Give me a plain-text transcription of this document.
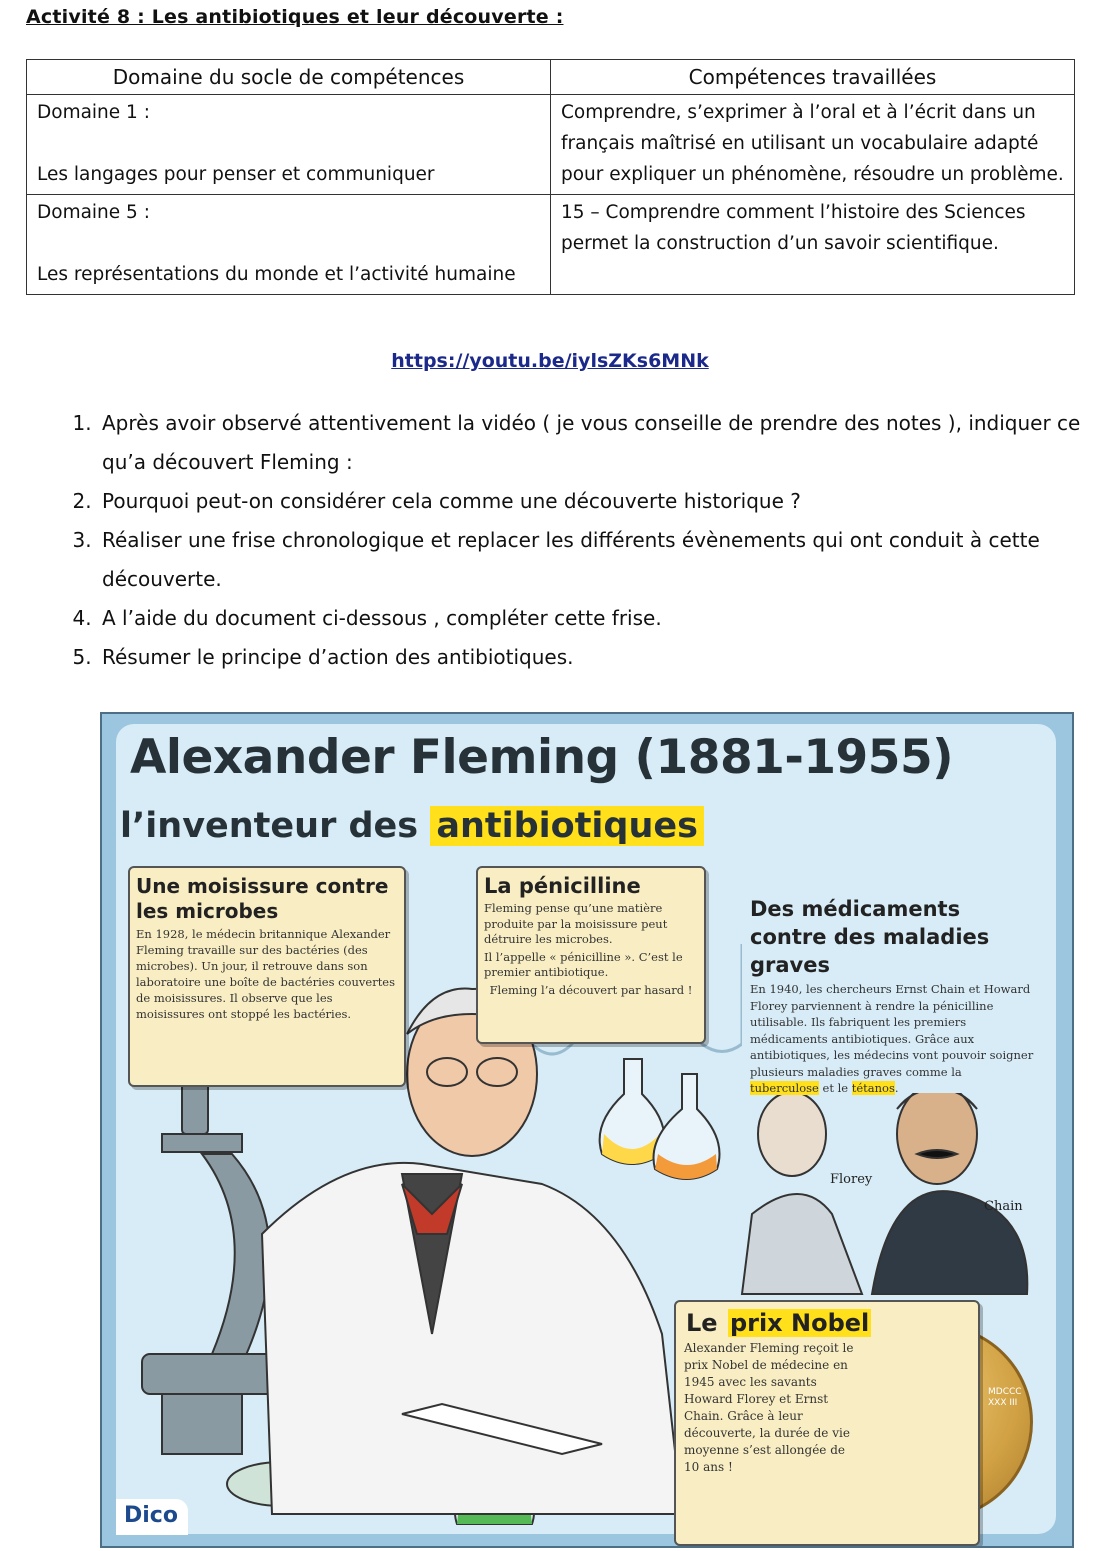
Activité 8 : Les antibiotiques et leur découverte :
Domaine du socle de compétences	Compétences travaillées

Domaine 1 :
Les langages pour penser et communiquer	Comprendre, s’exprimer à l’oral et à l’écrit dans un français maîtrisé en utilisant un vocabulaire adapté pour expliquer un phénomène, résoudre un problème.

Domaine 5 :
Les représentations du monde et l’activité humaine	15 – Comprendre comment l’histoire des Sciences permet la construction d’un savoir scientifique.
https://youtu.be/iylsZKs6MNk
1. Après avoir observé attentivement la vidéo ( je vous conseille de prendre des notes ), indiquer ce qu’a découvert Fleming :
2. Pourquoi peut-on considérer cela comme une découverte historique ?
3. Réaliser une frise chronologique et replacer les différents évènements qui ont conduit à cette découverte.
4. A l’aide du document ci-dessous , compléter cette frise.
5. Résumer le principe d’action des antibiotiques.
Alexander Fleming (1881-1955)
l’inventeur des antibiotiques
Une moisissure contre les microbes

En 1928, le médecin britannique Alexander Fleming travaille sur des bactéries (des microbes). Un jour, il retrouve dans son laboratoire une boîte de bactéries couvertes de moisissures. Il observe que les moisissures ont stoppé les bactéries.

La pénicilline

Fleming pense qu’une matière produite par la moisissure peut détruire les microbes.

Il l’appelle « pénicilline ». C’est le premier antibiotique.

Fleming l’a découvert par hasard !

Des médicaments contre des maladies graves

En 1940, les chercheurs Ernst Chain et Howard Florey parviennent à rendre la pénicilline utilisable. Ils fabriquent les premiers médicaments antibiotiques. Grâce aux antibiotiques, les médecins vont pouvoir soigner plusieurs maladies graves comme la tuberculose et le tétanos.

Florey
Chain
MDCCC XXX III
Le prix Nobel

Alexander Fleming reçoit le prix Nobel de médecine en 1945 avec les savants Howard Florey et Ernst Chain. Grâce à leur découverte, la durée de vie moyenne s’est allongée de 10 ans !

Dico
